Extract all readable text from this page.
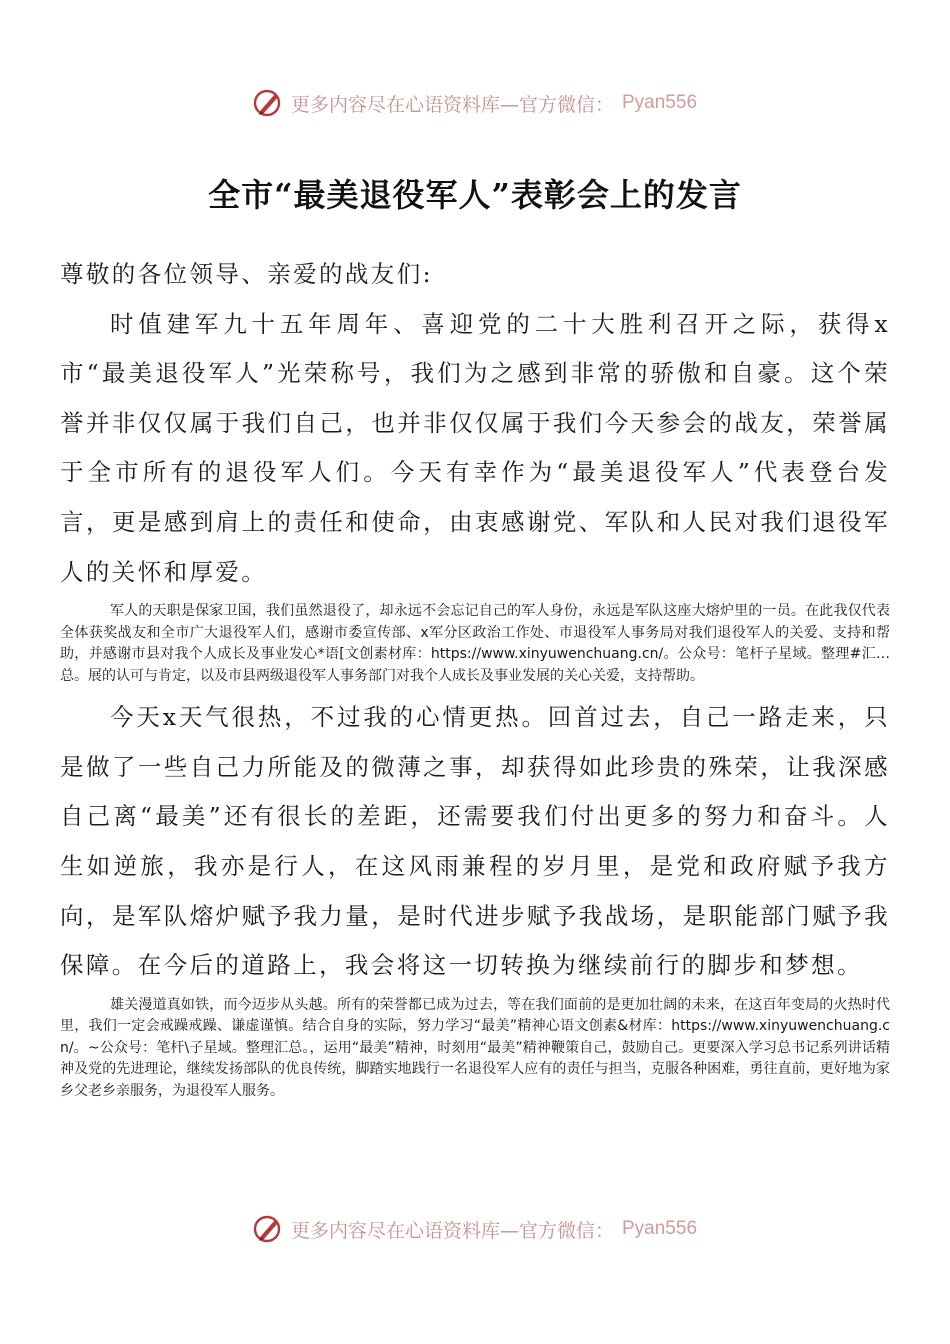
更多内容尽在心语资料库—官方微信： Pyan556
全市“最美退役军人”表彰会上的发言

尊敬的各位领导、亲爱的战友们:

时值建军九十五年周年、喜迎党的二十大胜利召开之际，获得x市“最美退役军人”光荣称号，我们为之感到非常的骄傲和自豪。这个荣誉并非仅仅属于我们自己，也并非仅仅属于我们今天参会的战友，荣誉属于全市所有的退役军人们。今天有幸作为“最美退役军人”代表登台发言，更是感到肩上的责任和使命，由衷感谢党、军队和人民对我们退役军人的关怀和厚爱。

军人的天职是保家卫国，我们虽然退役了，却永远不会忘记自己的军人身份，永远是军队这座大熔炉里的一员。在此我仅代表全体获奖战友和全市广大退役军人们，感谢市委宣传部、x军分区政治工作处、市退役军人事务局对我们退役军人的关爱、支持和帮助，并感谢市县对我个人成长及事业发心*语[文创素材库：https://www.xinyuwenchuang.cn/。公众号：笔杆子星域。整理#汇…总。展的认可与肯定，以及市县两级退役军人事务部门对我个人成长及事业发展的关心关爱，支持帮助。

今天x天气很热，不过我的心情更热。回首过去，自己一路走来，只是做了一些自己力所能及的微薄之事，却获得如此珍贵的殊荣，让我深感自己离“最美”还有很长的差距，还需要我们付出更多的努力和奋斗。人生如逆旅，我亦是行人，在这风雨兼程的岁月里，是党和政府赋予我方向，是军队熔炉赋予我力量，是时代进步赋予我战场，是职能部门赋予我保障。在今后的道路上，我会将这一切转换为继续前行的脚步和梦想。

雄关漫道真如铁，而今迈步从头越。所有的荣誉都已成为过去，等在我们面前的是更加壮阔的未来，在这百年变局的火热时代里，我们一定会戒躁戒躁、谦虚谨慎。结合自身的实际，努力学习“最美”精神心语文创素&材库：https://www.xinyuwenchuang.cn/。~公众号：笔杆\子星域。整理汇总。，运用“最美”精神，时刻用“最美”精神鞭策自己，鼓励自己。更要深入学习总书记系列讲话精神及党的先进理论，继续发扬部队的优良传统，脚踏实地践行一名退役军人应有的责任与担当，克服各种困难，勇往直前，更好地为家乡父老乡亲服务，为退役军人服务。

更多内容尽在心语资料库—官方微信： Pyan556
